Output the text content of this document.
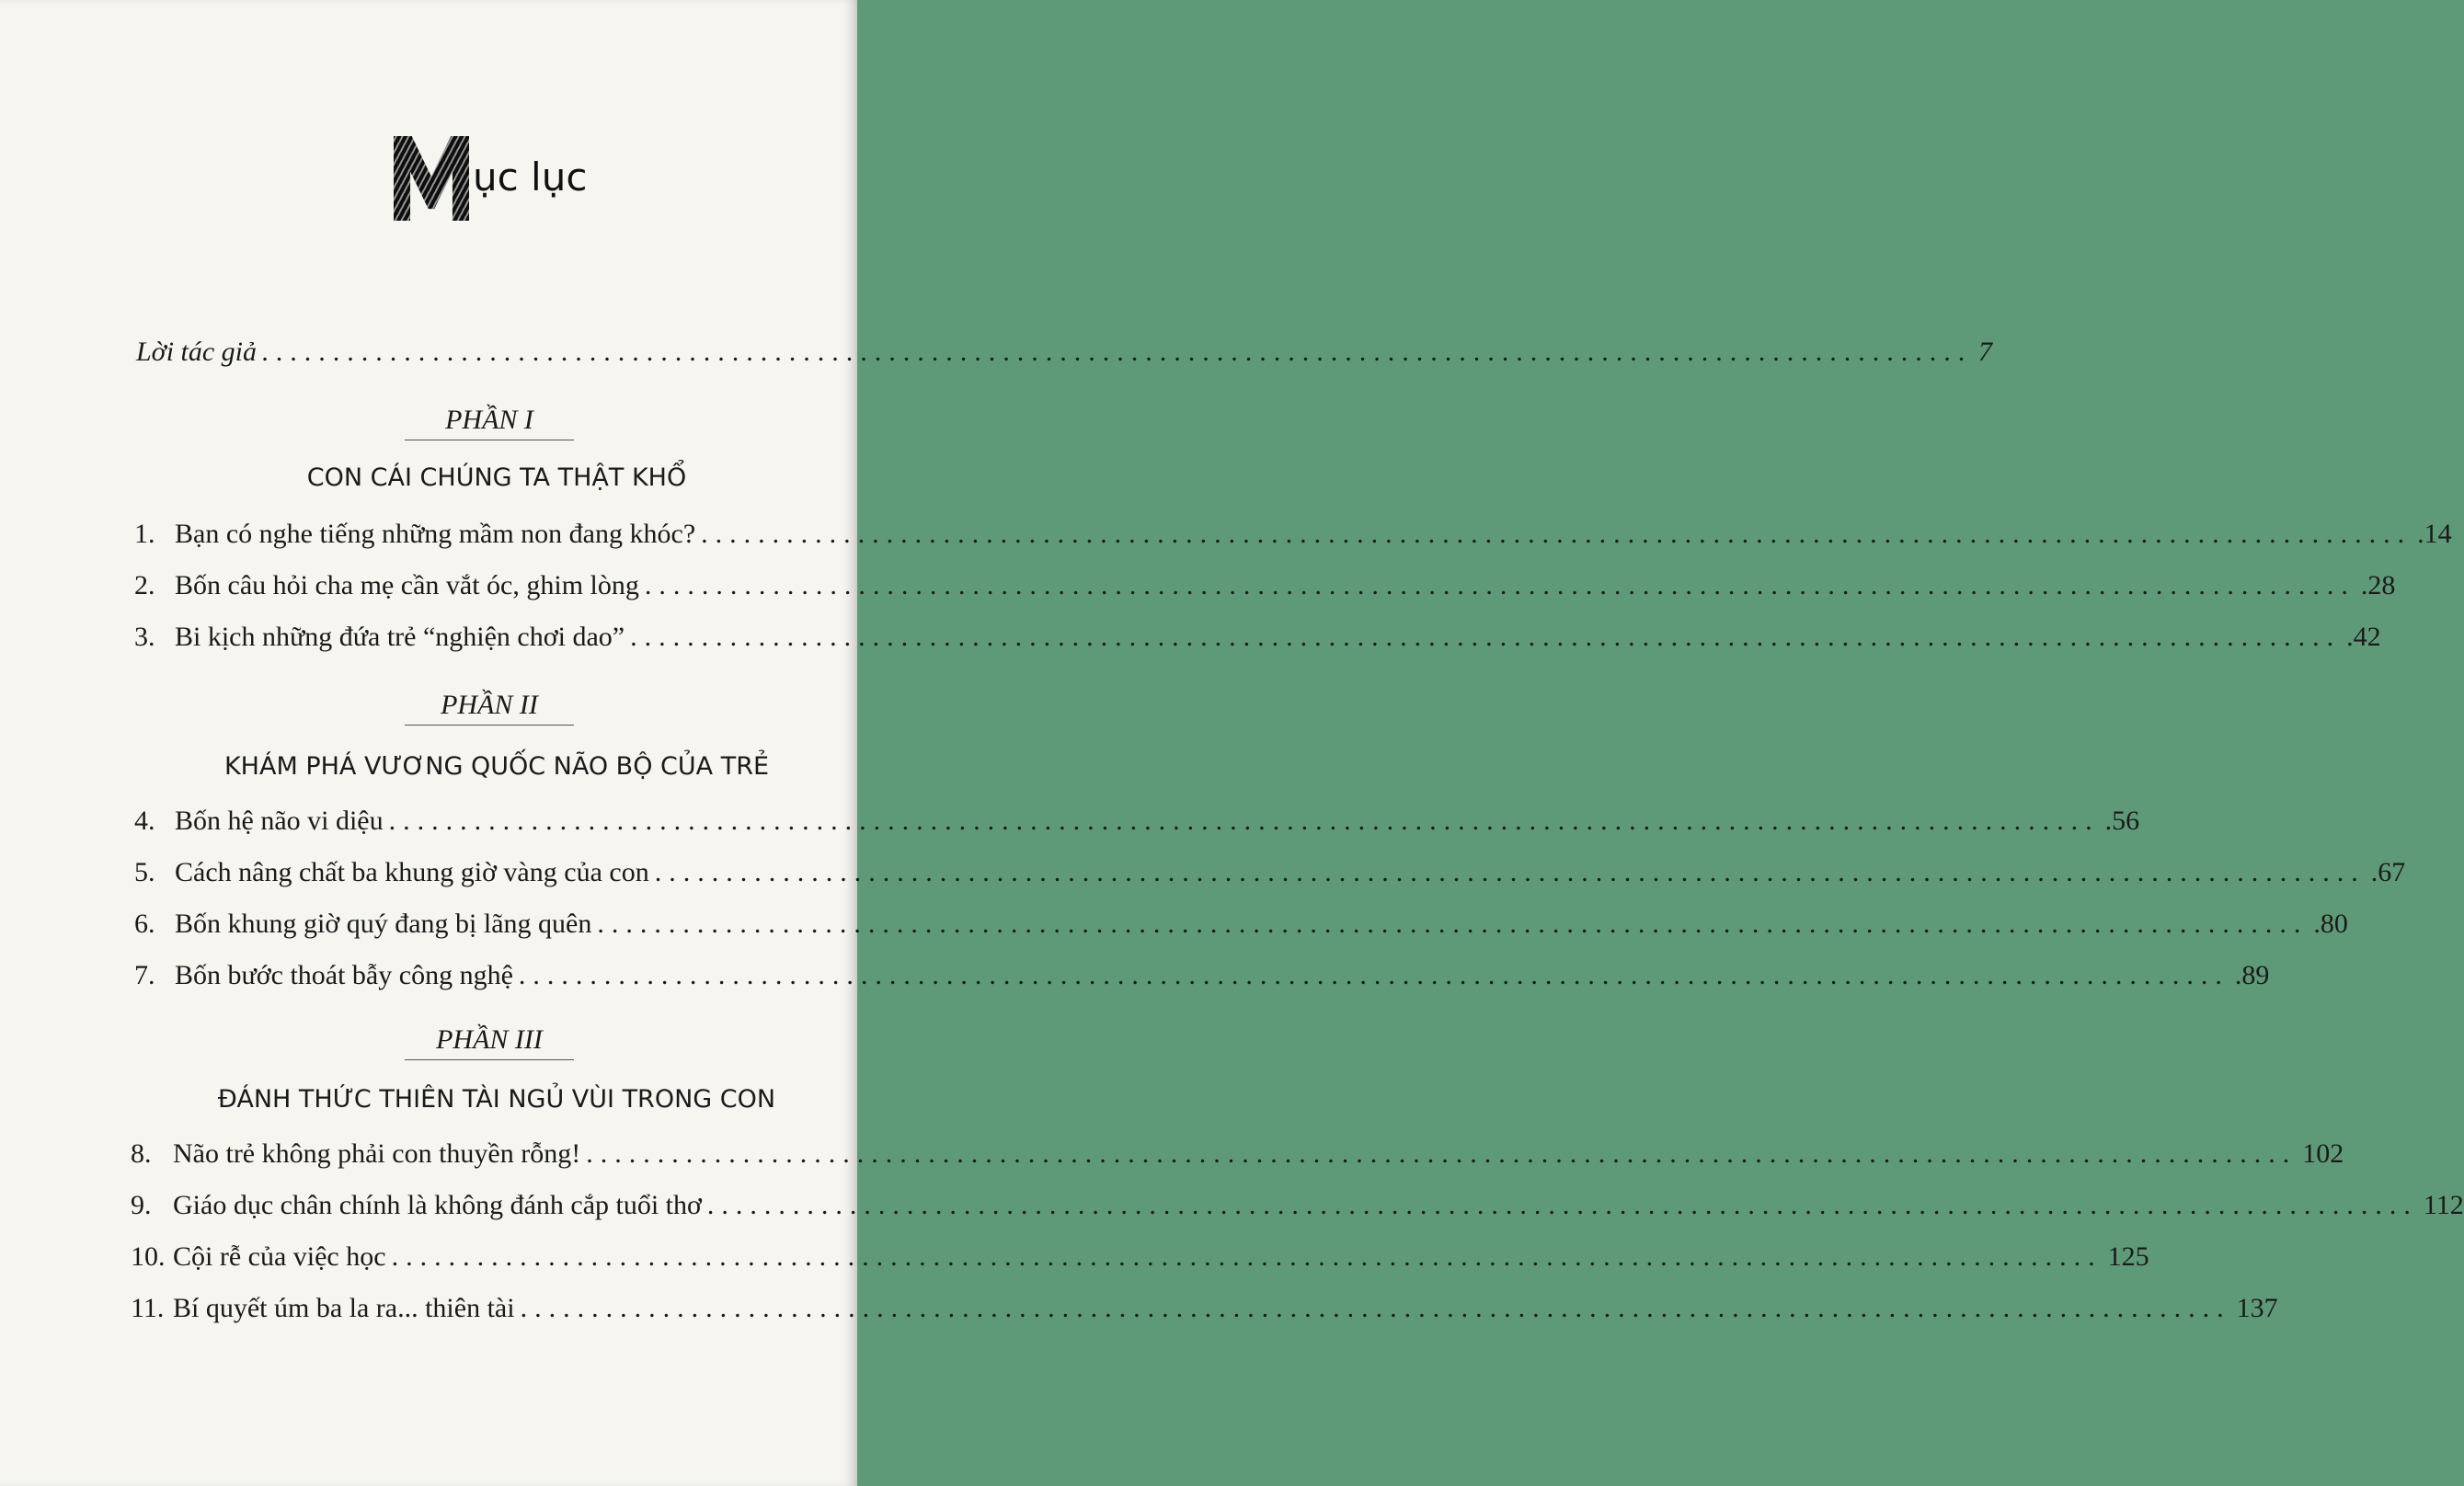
ục lục
Lời tác giả ........................................................................................................................ 7
PHẦN I
CON CÁI CHÚNG TA THẬT KHỔ
1. Bạn có nghe tiếng những mầm non đang khóc? ........................................................................................................................ .14
2. Bốn câu hỏi cha mẹ cần vắt óc, ghim lòng ........................................................................................................................ .28
3. Bi kịch những đứa trẻ “nghiện chơi dao” ........................................................................................................................ .42
PHẦN II
KHÁM PHÁ VƯƠNG QUỐC NÃO BỘ CỦA TRẺ
4. Bốn hệ não vi diệu ........................................................................................................................ .56
5. Cách nâng chất ba khung giờ vàng của con ........................................................................................................................ .67
6. Bốn khung giờ quý đang bị lãng quên ........................................................................................................................ .80
7. Bốn bước thoát bẫy công nghệ ........................................................................................................................ .89
PHẦN III
ĐÁNH THỨC THIÊN TÀI NGỦ VÙI TRONG CON
8. Não trẻ không phải con thuyền rỗng! ........................................................................................................................ 102
9. Giáo dục chân chính là không đánh cắp tuổi thơ ........................................................................................................................ 112
10. Cội rễ của việc học ........................................................................................................................ 125
11. Bí quyết úm ba la ra... thiên tài ........................................................................................................................ 137
